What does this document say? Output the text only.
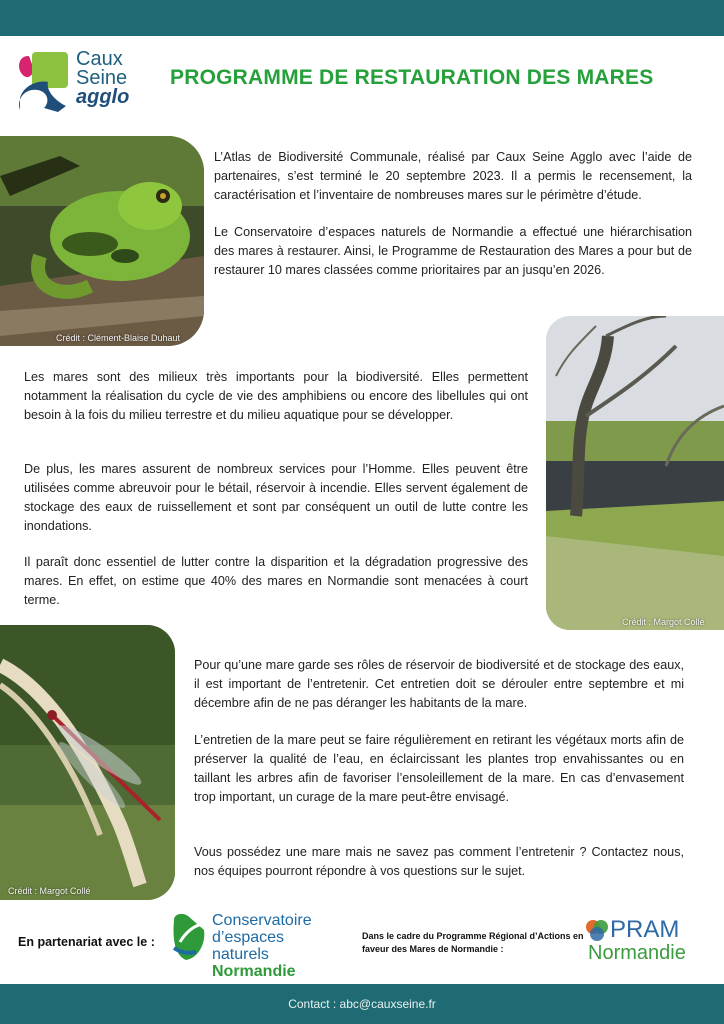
Caux
Seine
agglo
PROGRAMME DE RESTAURATION DES MARES
Crédit : Clément-Blaise Duhaut

L’Atlas de Biodiversité Communale, réalisé par Caux Seine Agglo avec l’aide de partenaires, s’est terminé le 20 septembre 2023. Il a permis le recensement, la caractérisation et l’inventaire de nombreuses mares sur le périmètre d’étude.

Le Conservatoire d’espaces naturels de Normandie a effectué une hiérarchisation des mares à restaurer. Ainsi, le Programme de Restauration des Mares a pour but de restaurer 10 mares classées comme prioritaires par an jusqu’en 2026.

Crédit : Margot Collé

Les mares sont des milieux très importants pour la biodiversité. Elles permettent notamment la réalisation du cycle de vie des amphibiens ou encore des libellules qui ont besoin à la fois du milieu terrestre et du milieu aquatique pour se développer.

De plus, les mares assurent de nombreux services pour l’Homme. Elles peuvent être utilisées comme abreuvoir pour le bétail, réservoir à incendie. Elles servent également de stockage des eaux de ruissellement et sont par conséquent un outil de lutte contre les inondations.

Il paraît donc essentiel de lutter contre la disparition et la dégradation progressive des mares. En effet, on estime que 40% des mares en Normandie sont menacées à court terme.

Crédit : Margot Collé

Pour qu’une mare garde ses rôles de réservoir de biodiversité et de stockage des eaux, il est important de l’entretenir. Cet entretien doit se dérouler entre septembre et mi décembre afin de ne pas déranger les habitants de la mare.

L’entretien de la mare peut se faire régulièrement en retirant les végétaux morts afin de préserver la qualité de l’eau, en éclaircissant les plantes trop envahissantes ou en taillant les arbres afin de favoriser l’ensoleillement de la mare. En cas d’envasement trop important, un curage de la mare peut-être envisagé.

Vous possédez une mare mais ne savez pas comment l’entretenir ? Contactez nous, nos équipes pourront répondre à vos questions sur le sujet.

En partenariat avec le :
Conservatoire
d’espaces naturels
Normandie
Dans le cadre du Programme Régional d’Actions en faveur des Mares de Normandie :
PRAM
Normandie
Contact : abc@cauxseine.fr
